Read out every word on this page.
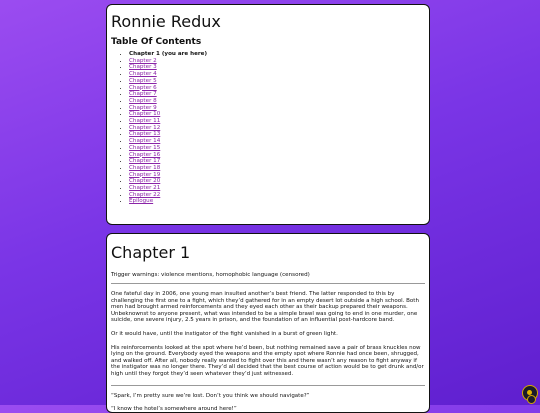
Ronnie Redux
Table Of Contents
• Chapter 1 (you are here)
• Chapter 2
• Chapter 3
• Chapter 4
• Chapter 5
• Chapter 6
• Chapter 7
• Chapter 8
• Chapter 9
• Chapter 10
• Chapter 11
• Chapter 12
• Chapter 13
• Chapter 14
• Chapter 15
• Chapter 16
• Chapter 17
• Chapter 18
• Chapter 19
• Chapter 20
• Chapter 21
• Chapter 22
• Epilogue
Chapter 1

Trigger warnings: violence mentions, homophobic language (censored)

One fateful day in 2006, one young man insulted another’s best friend. The latter responded to this by challenging the first one to a fight, which they’d gathered for in an empty desert lot outside a high school. Both men had brought armed reinforcements and they eyed each other as their backup prepared their weapons. Unbeknownst to anyone present, what was intended to be a simple brawl was going to end in one murder, one suicide, one severe injury, 2.5 years in prison, and the foundation of an influential post-hardcore band.

Or it would have, until the instigator of the fight vanished in a burst of green light.

His reinforcements looked at the spot where he’d been, but nothing remained save a pair of brass knuckles now lying on the ground. Everybody eyed the weapons and the empty spot where Ronnie had once been, shrugged, and walked off. After all, nobody really wanted to fight over this and there wasn’t any reason to fight anyway if the instigator was no longer there. They’d all decided that the best course of action would be to get drunk and/or high until they forgot they’d seen whatever they’d just witnessed.

“Spark, I’m pretty sure we’re lost. Don’t you think we should navigate?”

“I know the hotel’s somewhere around here!”
